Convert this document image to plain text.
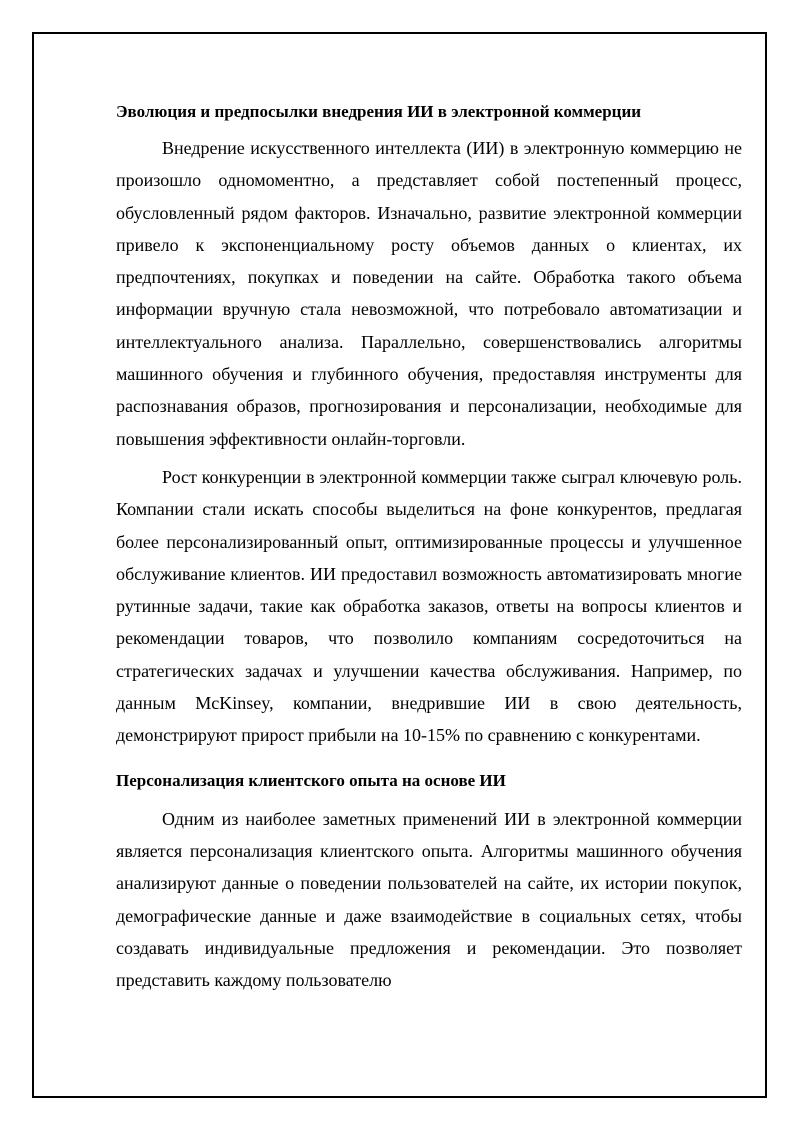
Эволюция и предпосылки внедрения ИИ в электронной коммерции

Внедрение искусственного интеллекта (ИИ) в электронную коммерцию не произошло одномоментно, а представляет собой постепенный процесс, обусловленный рядом факторов. Изначально, развитие электронной коммерции привело к экспоненциальному росту объемов данных о клиентах, их предпочтениях, покупках и поведении на сайте. Обработка такого объема информации вручную стала невозможной, что потребовало автоматизации и интеллектуального анализа. Параллельно, совершенствовались алгоритмы машинного обучения и глубинного обучения, предоставляя инструменты для распознавания образов, прогнозирования и персонализации, необходимые для повышения эффективности онлайн-торговли.

Рост конкуренции в электронной коммерции также сыграл ключевую роль. Компании стали искать способы выделиться на фоне конкурентов, предлагая более персонализированный опыт, оптимизированные процессы и улучшенное обслуживание клиентов. ИИ предоставил возможность автоматизировать многие рутинные задачи, такие как обработка заказов, ответы на вопросы клиентов и рекомендации товаров, что позволило компаниям сосредоточиться на стратегических задачах и улучшении качества обслуживания. Например, по данным McKinsey, компании, внедрившие ИИ в свою деятельность, демонстрируют прирост прибыли на 10-15% по сравнению с конкурентами.

Персонализация клиентского опыта на основе ИИ

Одним из наиболее заметных применений ИИ в электронной коммерции является персонализация клиентского опыта. Алгоритмы машинного обучения анализируют данные о поведении пользователей на сайте, их истории покупок, демографические данные и даже взаимодействие в социальных сетях, чтобы создавать индивидуальные предложения и рекомендации. Это позволяет представить каждому пользователю
